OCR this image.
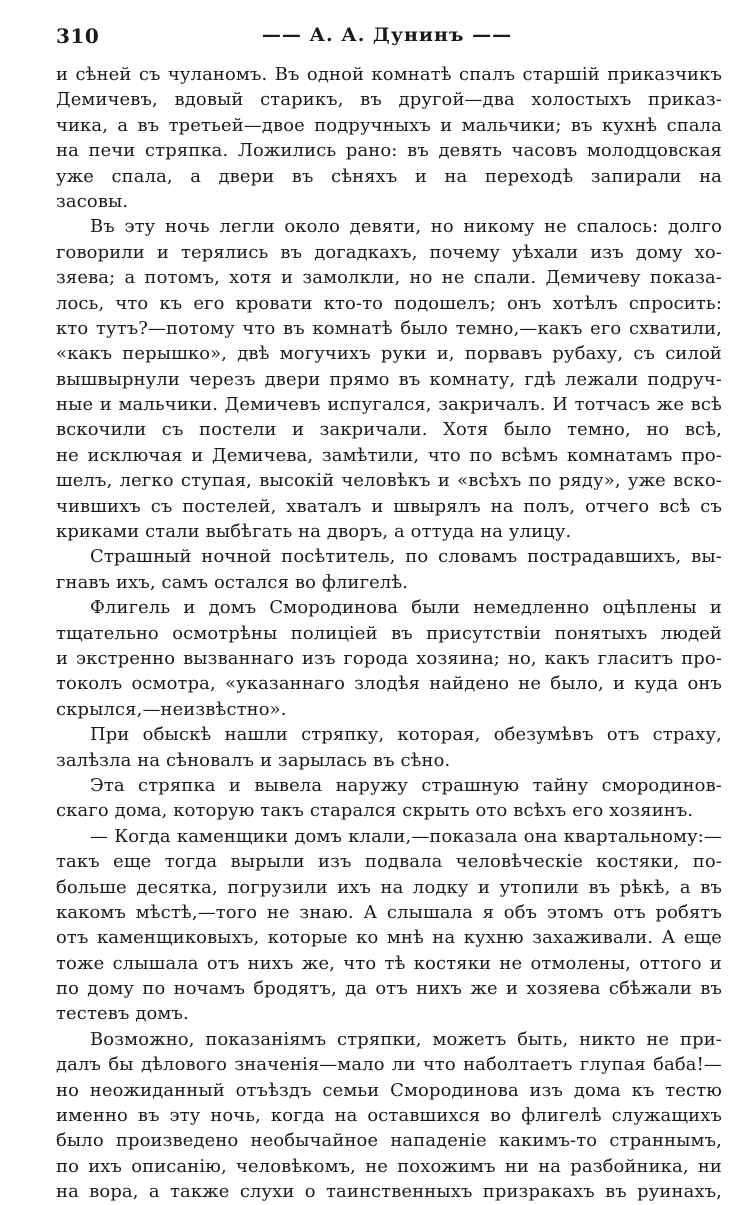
310	—— А. А. Дунинъ ——
и сѣней съ чуланомъ. Въ одной комнатѣ спалъ старшій приказчикъ
Демичевъ, вдовый старикъ, въ другой—два холостыхъ приказ-
чика, а въ третьей—двое подручныхъ и мальчики; въ кухнѣ спала
на печи стряпка. Ложились рано: въ девять часовъ молодцовская
уже спала, а двери въ сѣняхъ и на переходѣ запирали на
засовы.
Въ эту ночь легли около девяти, но никому не спалось: долго
говорили и терялись въ догадкахъ, почему уѣхали изъ дому хо-
зяева; а потомъ, хотя и замолкли, но не спали. Демичеву показа-
лось, что къ его кровати кто-то подошелъ; онъ хотѣлъ спросить:
кто тутъ?—потому что въ комнатѣ было темно,—какъ его схватили,
«какъ перышко», двѣ могучихъ руки и, порвавъ рубаху, съ силой
вышвырнули черезъ двери прямо въ комнату, гдѣ лежали подруч-
ные и мальчики. Демичевъ испугался, закричалъ. И тотчасъ же всѣ
вскочили съ постели и закричали. Хотя было темно, но всѣ,
не исключая и Демичева, замѣтили, что по всѣмъ комнатамъ про-
шелъ, легко ступая, высокій человѣкъ и «всѣхъ по ряду», уже вско-
чившихъ съ постелей, хваталъ и швырялъ на полъ, отчего всѣ съ
криками стали выбѣгать на дворъ, а оттуда на улицу.
Страшный ночной посѣтитель, по словамъ пострадавшихъ, вы-
гнавъ ихъ, самъ остался во флигелѣ.
Флигель и домъ Смородинова были немедленно оцѣплены и
тщательно осмотрѣны полиціей въ присутствіи понятыхъ людей
и экстренно вызваннаго изъ города хозяина; но, какъ гласитъ про-
токолъ осмотра, «указаннаго злодѣя найдено не было, и куда онъ
скрылся,—неизвѣстно».
При обыскѣ нашли стряпку, которая, обезумѣвъ отъ страху,
залѣзла на сѣновалъ и зарылась въ сѣно.
Эта стряпка и вывела наружу страшную тайну смородинов-
скаго дома, которую такъ старался скрыть ото всѣхъ его хозяинъ.
— Когда каменщики домъ клали,—показала она квартальному:—
такъ еще тогда вырыли изъ подвала человѣческіе костяки, по-
больше десятка, погрузили ихъ на лодку и утопили въ рѣкѣ, а въ
какомъ мѣстѣ,—того не знаю. А слышала я объ этомъ отъ робятъ
отъ каменщиковыхъ, которые ко мнѣ на кухню захаживали. А еще
тоже слышала отъ нихъ же, что тѣ костяки не отмолены, оттого и
по дому по ночамъ бродятъ, да отъ нихъ же и хозяева сбѣжали въ
тестевъ домъ.
Возможно, показаніямъ стряпки, можетъ быть, никто не при-
далъ бы дѣлового значенія—мало ли что наболтаетъ глупая баба!—
но неожиданный отъѣздъ семьи Смородинова изъ дома къ тестю
именно въ эту ночь, когда на оставшихся во флигелѣ служащихъ
было произведено необычайное нападеніе какимъ-то страннымъ,
по ихъ описанію, человѣкомъ, не похожимъ ни на разбойника, ни
на вора, а также слухи о таинственныхъ призракахъ въ руинахъ,
